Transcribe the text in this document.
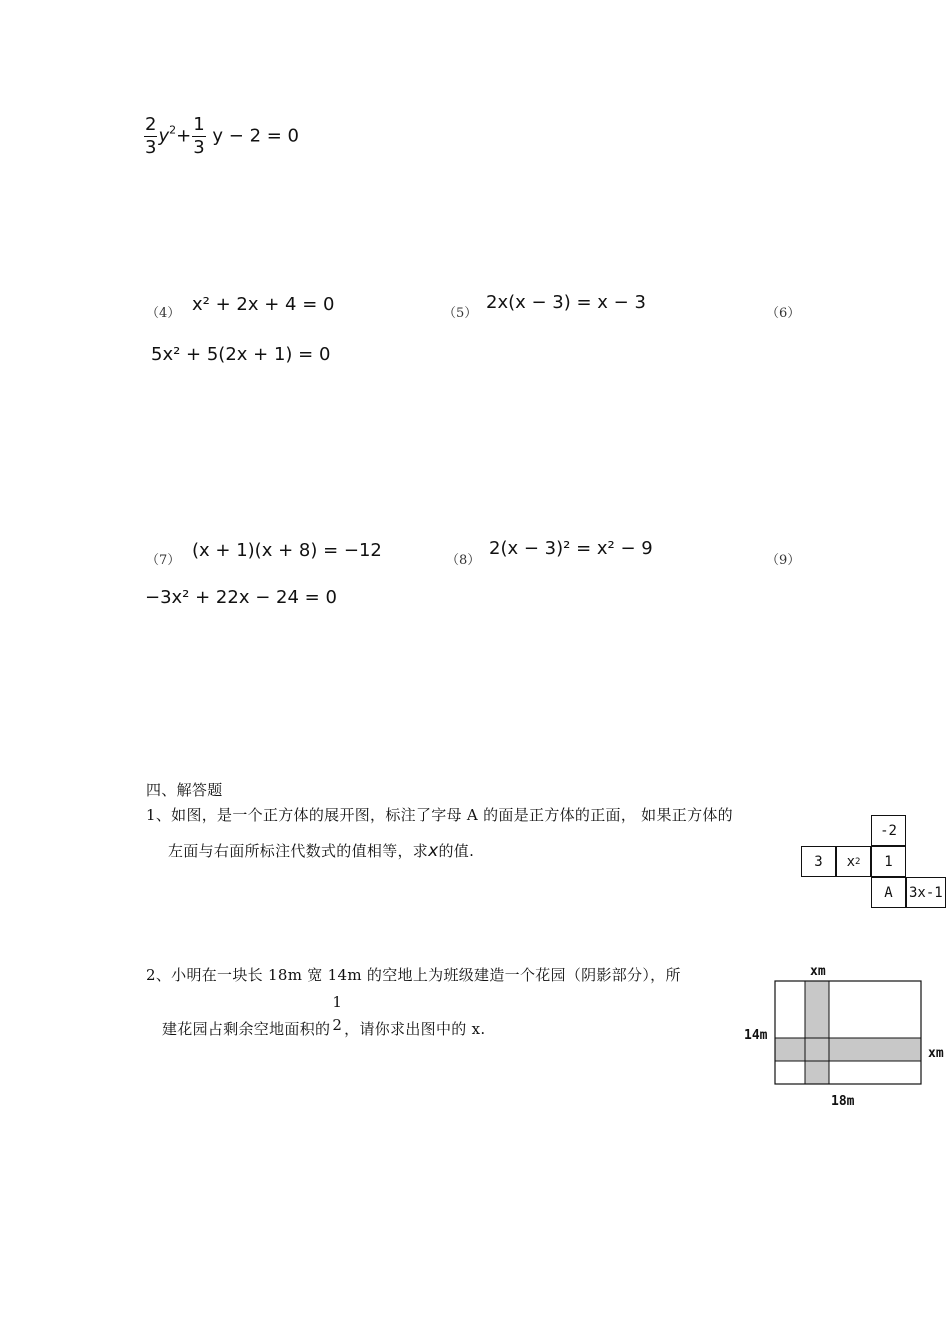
$\frac{2}{3} y^2+ \frac{1}{3}$ y − 2 = 0
（4） x² + 2x + 4 = 0	（5）
2x(x − 3) = x − 3
（6）
5x² + 5(2x + 1) = 0
（7） (x + 1)(x + 8) = −12	（8）
2(x − 3)² = x² − 9
（9）
−3x² + 22x − 24 = 0
四、解答题
1、如图，是一个正方体的展开图，标注了字母 A 的面是正方体的正面， 如果正方体的
左面与右面所标注代数式的值相等，求x的值.
-2
3	x 2	1
A	3x-1
2、小明在一块长 18m 宽 14m 的空地上为班级建造一个花园（阴影部分），所
建花园占剩余空地面积的
1
2 ，请你求出图中的 x.
xm
14m
xm
18m
